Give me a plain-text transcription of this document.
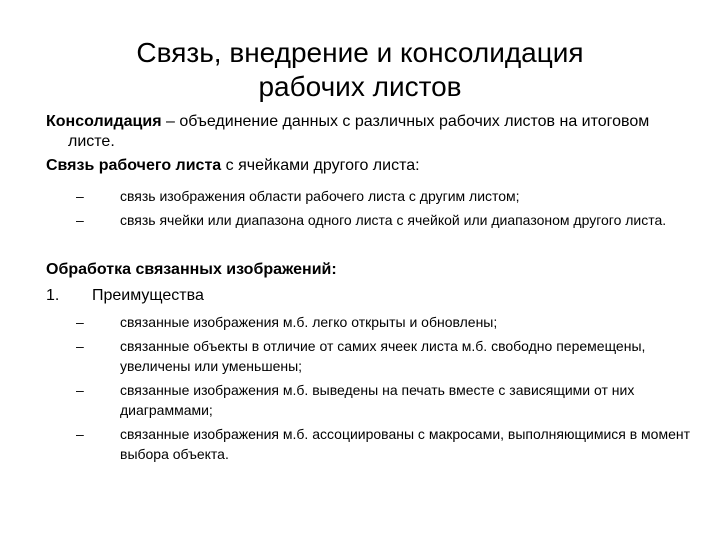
Связь, внедрение и консолидация
рабочих листов

Консолидация – объединение данных с различных рабочих листов на итоговом листе.

Связь рабочего листа с ячейками другого листа:

–	связь изображения области рабочего листа с другим листом;
–	связь ячейки или диапазона одного листа с ячейкой или диапазоном другого листа.

Обработка связанных изображений:

1. Преимущества
–	связанные изображения м.б. легко открыты и обновлены;
–	связанные объекты в отличие от самих ячеек листа м.б. свободно перемещены, увеличены или уменьшены;
–	связанные изображения м.б. выведены на печать вместе с зависящими от них диаграммами;
–	связанные изображения м.б. ассоциированы с макросами, выполняющимися в момент выбора объекта.
